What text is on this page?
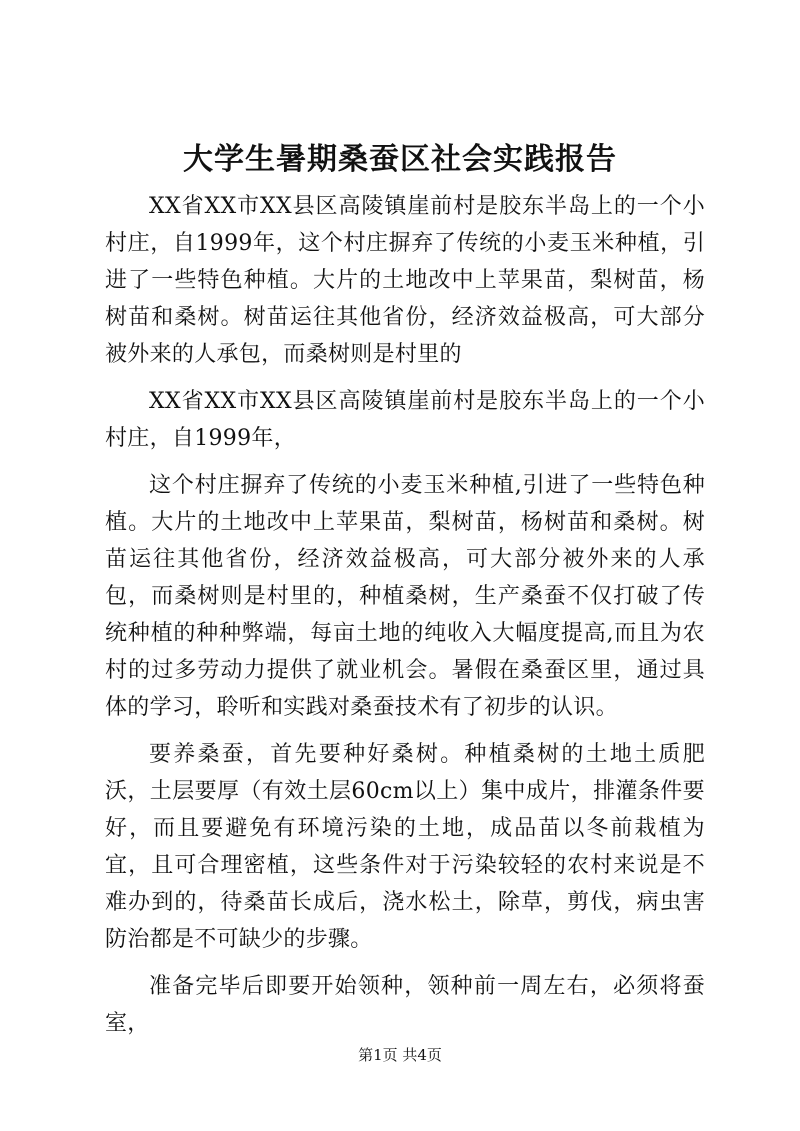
大学生暑期桑蚕区社会实践报告

XX省XX市XX县区高陵镇崖前村是胶东半岛上的一个小村庄，自1999年，这个村庄摒弃了传统的小麦玉米种植，引进了一些特色种植。大片的土地改中上苹果苗，梨树苗，杨树苗和桑树。树苗运往其他省份，经济效益极高，可大部分被外来的人承包，而桑树则是村里的

XX省XX市XX县区高陵镇崖前村是胶东半岛上的一个小村庄，自1999年，

这个村庄摒弃了传统的小麦玉米种植,引进了一些特色种植。大片的土地改中上苹果苗，梨树苗，杨树苗和桑树。树苗运往其他省份，经济效益极高，可大部分被外来的人承包，而桑树则是村里的，种植桑树，生产桑蚕不仅打破了传统种植的种种弊端，每亩土地的纯收入大幅度提高,而且为农村的过多劳动力提供了就业机会。暑假在桑蚕区里，通过具体的学习，聆听和实践对桑蚕技术有了初步的认识。

要养桑蚕，首先要种好桑树。种植桑树的土地土质肥沃，土层要厚（有效土层60cm以上）集中成片，排灌条件要好，而且要避免有环境污染的土地，成品苗以冬前栽植为宜，且可合理密植，这些条件对于污染较轻的农村来说是不难办到的，待桑苗长成后，浇水松土，除草，剪伐，病虫害防治都是不可缺少的步骤。

准备完毕后即要开始领种，领种前一周左右，必须将蚕室，

第1页 共4页
